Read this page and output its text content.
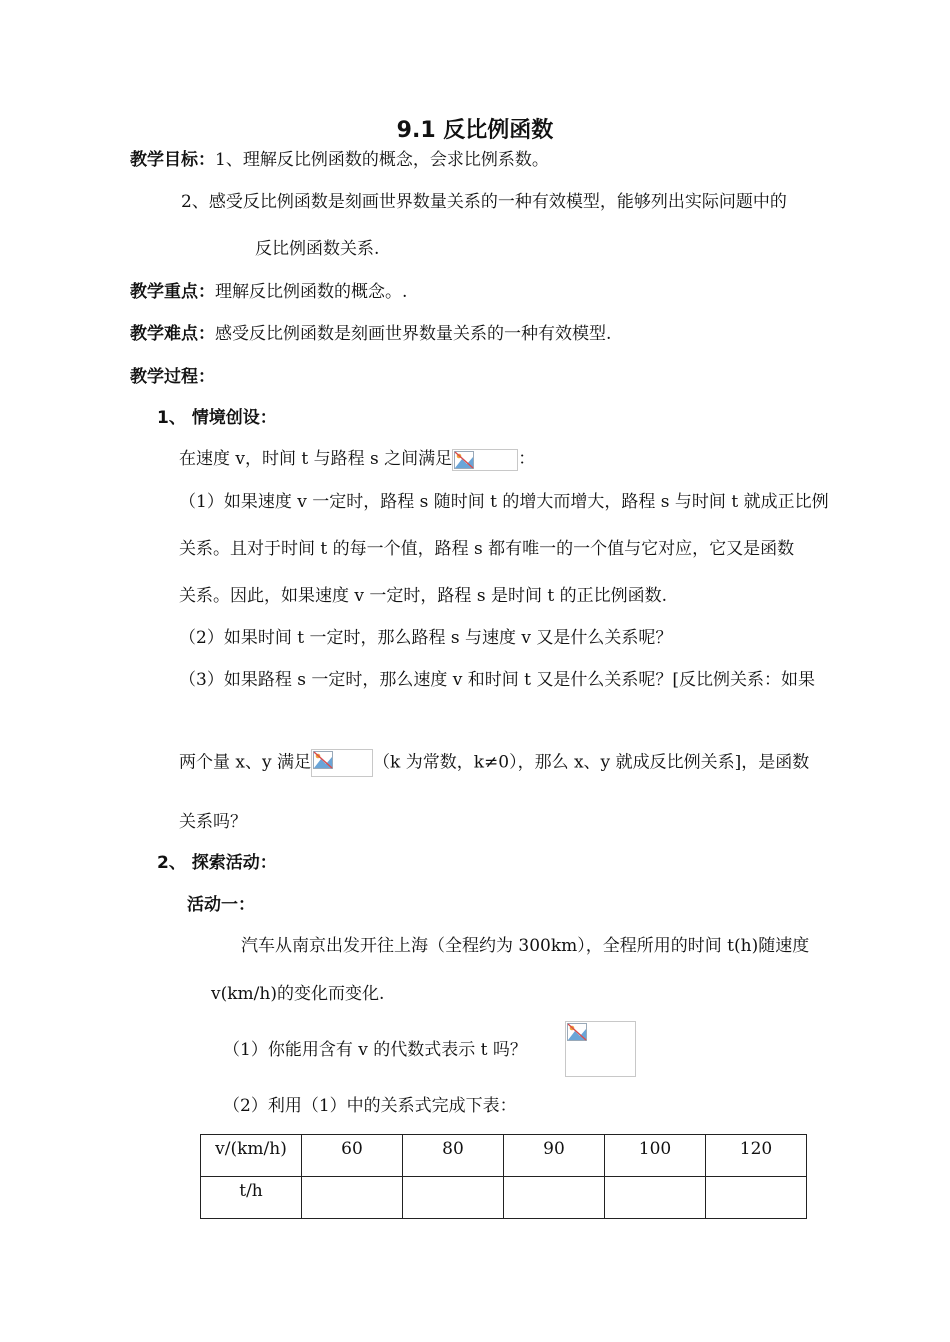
9.1 反比例函数
教学目标：1、理解反比例函数的概念，会求比例系数。
2、感受反比例函数是刻画世界数量关系的一种有效模型，能够列出实际问题中的
反比例函数关系.
教学重点：理解反比例函数的概念。.
教学难点：感受反比例函数是刻画世界数量关系的一种有效模型.
教学过程：
1、 情境创设：
在速度 v，时间 t 与路程 s 之间满足	：
（1）如果速度 v 一定时，路程 s 随时间 t 的增大而增大，路程 s 与时间 t 就成正比例
关系。且对于时间 t 的每一个值，路程 s 都有唯一的一个值与它对应，它又是函数
关系。因此，如果速度 v 一定时，路程 s 是时间 t 的正比例函数.
（2）如果时间 t 一定时，那么路程 s 与速度 v 又是什么关系呢？
（3）如果路程 s 一定时，那么速度 v 和时间 t 又是什么关系呢？[反比例关系：如果
两个量 x、y 满足	（k 为常数，k≠0），那么 x、y 就成反比例关系]，是函数
关系吗？
2、 探索活动：
活动一：
汽车从南京出发开往上海（全程约为 300km），全程所用的时间 t(h)随速度
v(km/h)的变化而变化.
（1）你能用含有 v 的代数式表示 t 吗？
（2）利用（1）中的关系式完成下表：
v/(km/h)	60	80	90	100	120
t/h					
